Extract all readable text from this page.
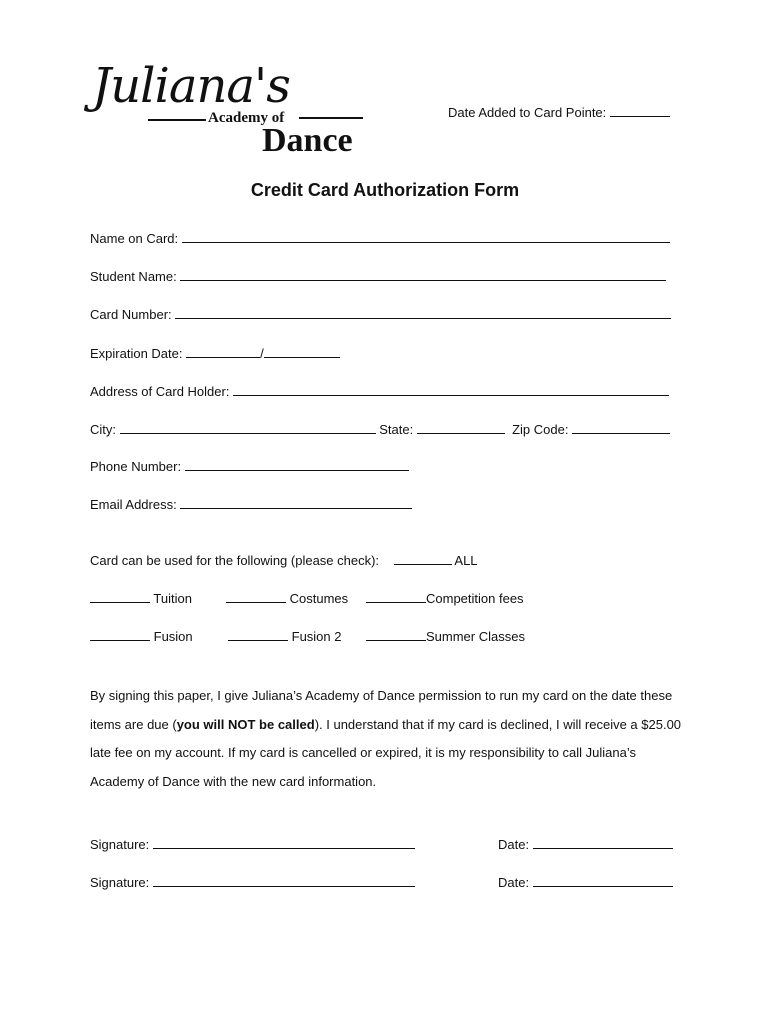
Juliana's
Academy of
Dance
Date Added to Card Pointe:
Credit Card Authorization Form
Name on Card:
Student Name:
Card Number:
Expiration Date:	/
Address of Card Holder:
City:	State:	Zip Code:
Phone Number:
Email Address:
Card can be used for the following (please check):	ALL
Tuition	Costumes	Competition fees
Fusion	Fusion 2	Summer Classes
By signing this paper, I give Juliana’s Academy of Dance permission to run my card on the date these items are due (you will NOT be called). I understand that if my card is declined, I will receive a $25.00 late fee on my account. If my card is cancelled or expired, it is my responsibility to call Juliana’s Academy of Dance with the new card information.
Signature:	Date:
Signature:	Date:
